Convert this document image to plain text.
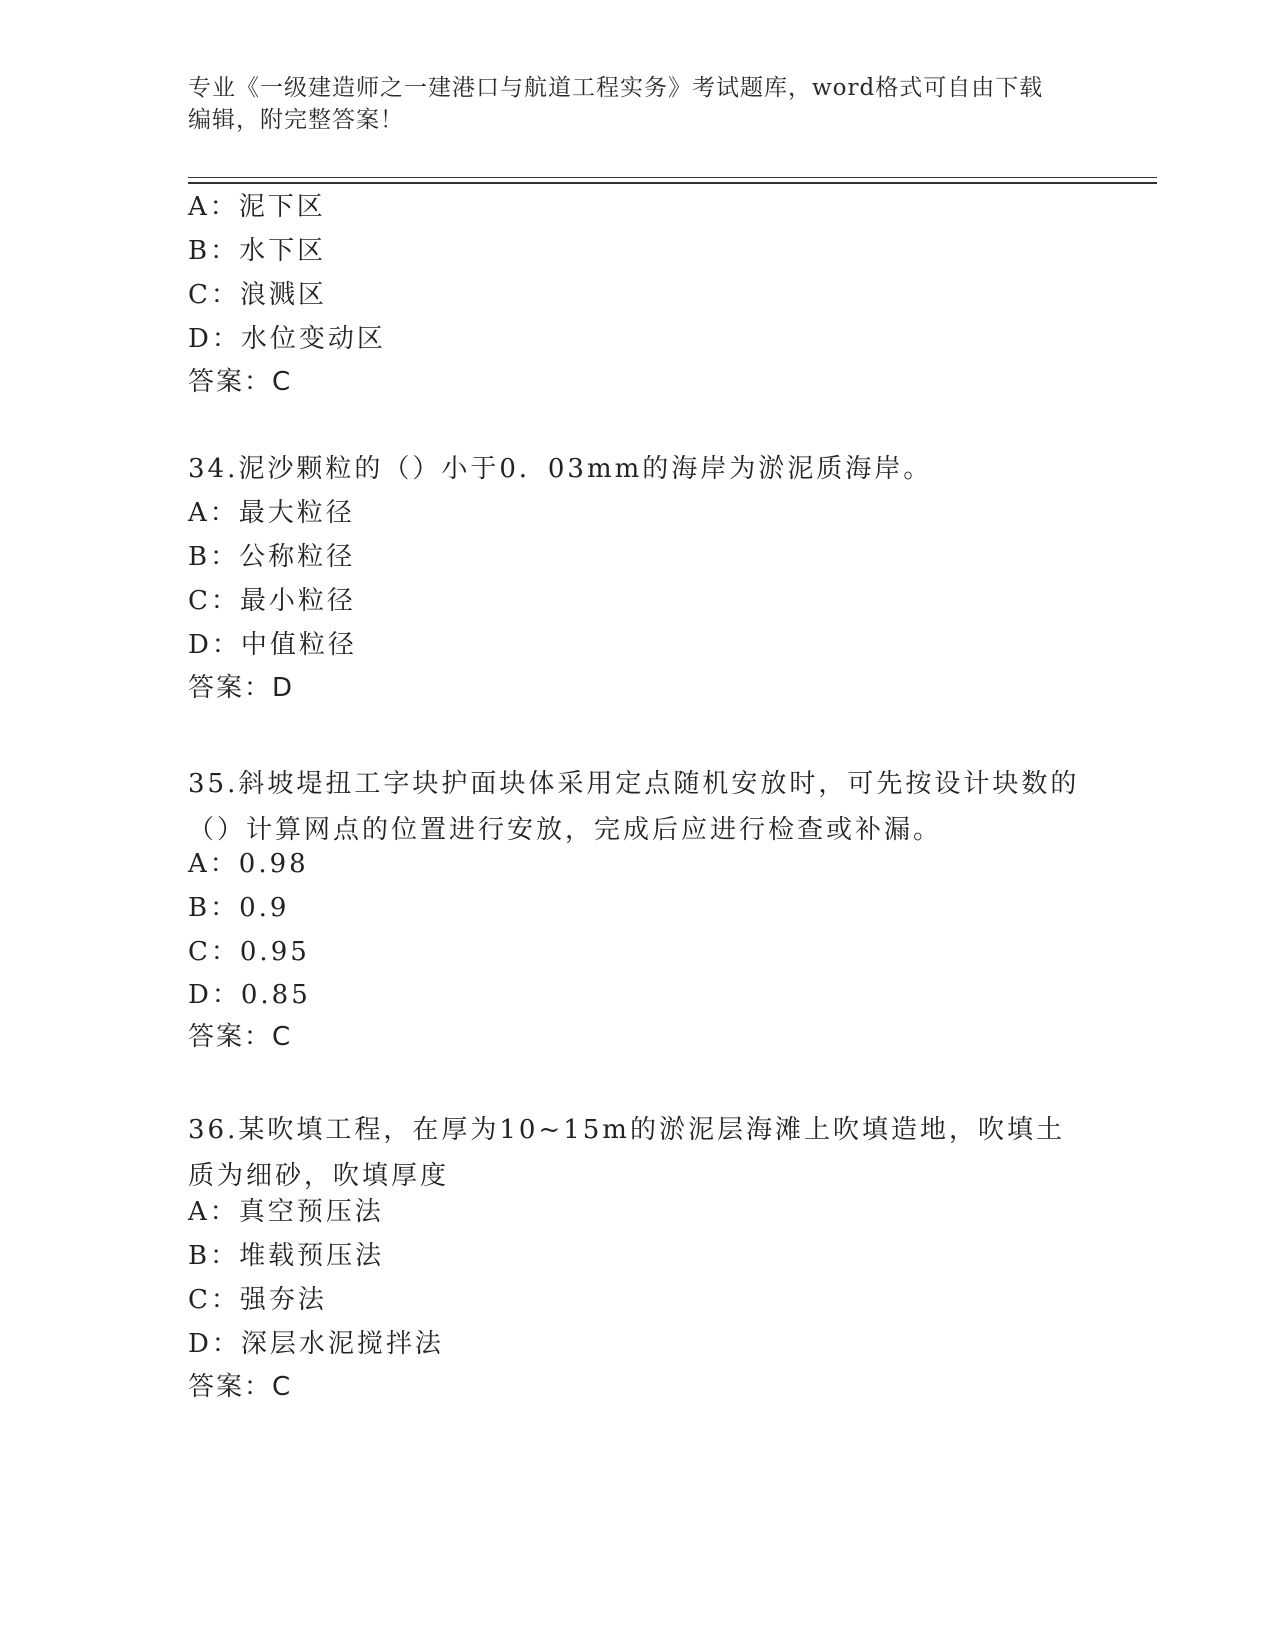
专业《一级建造师之一建港口与航道工程实务》考试题库，word格式可自由下载
编辑，附完整答案！
A：泥下区
B：水下区
C：浪溅区
D：水位变动区
答案：C
34.泥沙颗粒的（）小于0．03mm的海岸为淤泥质海岸。
A：最大粒径
B：公称粒径
C：最小粒径
D：中值粒径
答案：D
35.斜坡堤扭工字块护面块体采用定点随机安放时，可先按设计块数的（）计算网点的位置进行安放，完成后应进行检查或补漏。
A：0.98
B：0.9
C：0.95
D：0.85
答案：C
36.某吹填工程，在厚为10~15m的淤泥层海滩上吹填造地，吹填土质为细砂，吹填厚度
A：真空预压法
B：堆载预压法
C：强夯法
D：深层水泥搅拌法
答案：C
